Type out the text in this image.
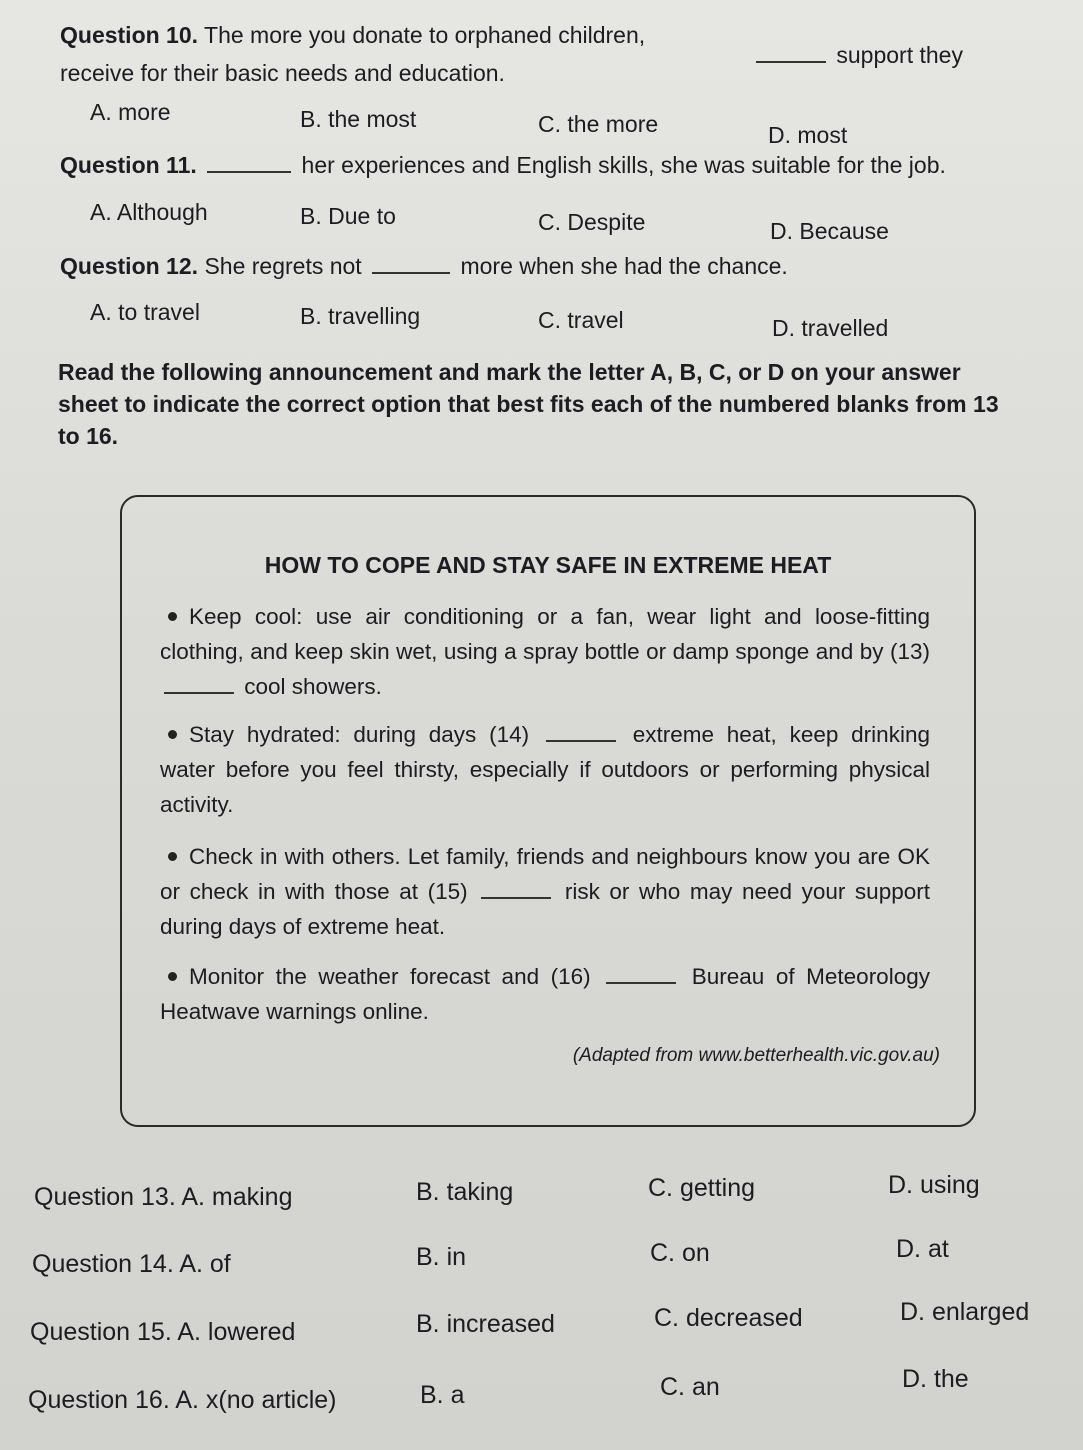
Question 10. The more you donate to orphaned children,
support they
receive for their basic needs and education.
A. more	B. the most	C. the more	D. most
Question 11.	her experiences and English skills, she was suitable for the job.
A. Although	B. Due to	C. Despite	D. Because
Question 12. She regrets not	more when she had the chance.
A. to travel	B. travelling	C. travel	D. travelled
Read the following announcement and mark the letter A, B, C, or D on your answer sheet to indicate the correct option that best fits each of the numbered blanks from 13 to 16.
HOW TO COPE AND STAY SAFE IN EXTREME HEAT
Keep cool: use air conditioning or a fan, wear light and loose-fitting clothing, and keep skin wet, using a spray bottle or damp sponge and by (13)  cool showers.
Stay hydrated: during days (14)	extreme heat, keep drinking water before you feel thirsty, especially if outdoors or performing physical activity.
Check in with others. Let family, friends and neighbours know you are OK or check in with those at (15)	risk or who may need your support during days of extreme heat.
Monitor the weather forecast and (16)	Bureau of Meteorology Heatwave warnings online.
(Adapted from www.betterhealth.vic.gov.au)
Question 13. A. making	B. taking	C. getting	D. using
Question 14. A. of	B. in	C. on	D. at
Question 15. A. lowered	B. increased	C. decreased	D. enlarged
Question 16. A. x(no article)	B. a	C. an	D. the
